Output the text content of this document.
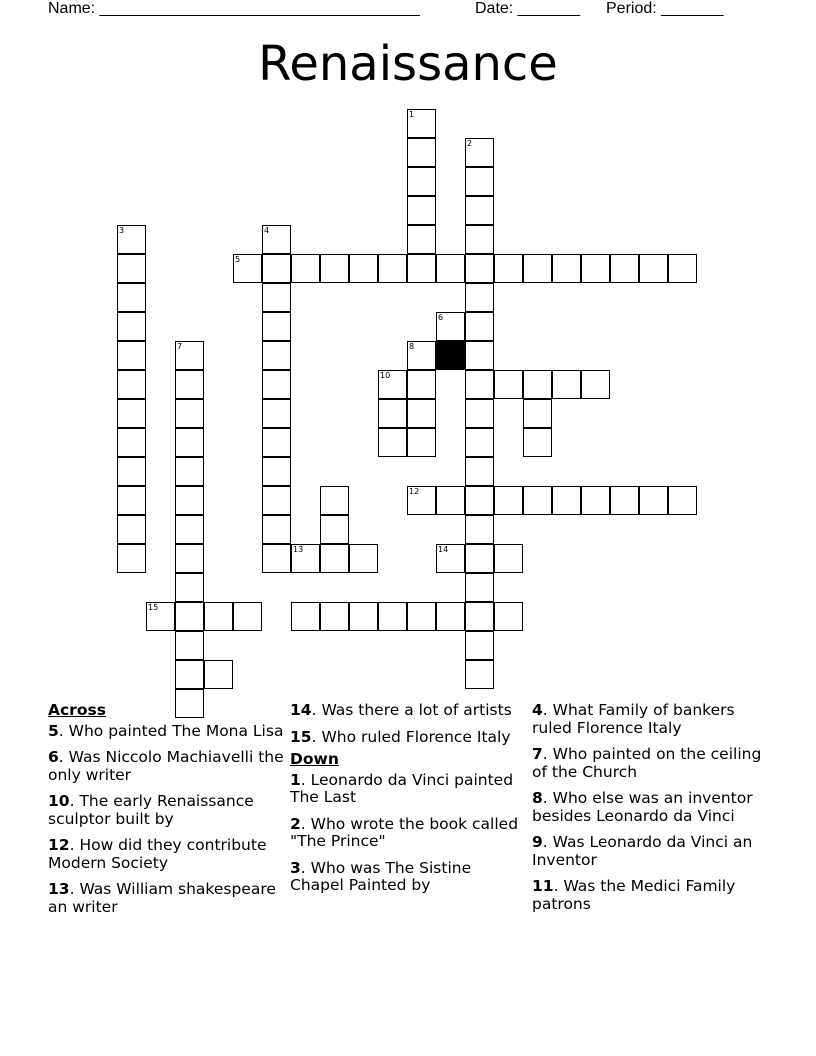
Name: ____________________________________	Date: _______ Period: _______
Renaissance
1
2
3	4
5
6
7	8
10
12
13	14
15
Across
5. Who painted The Mona Lisa
6. Was Niccolo Machiavelli the only writer
10. The early Renaissance sculptor built by
12. How did they contribute Modern Society
13. Was William shakespeare an writer
14. Was there a lot of artists
15. Who ruled Florence Italy
Down
1. Leonardo da Vinci painted The Last
2. Who wrote the book called "The Prince"
3. Who was The Sistine Chapel Painted by
4. What Family of bankers ruled Florence Italy
7. Who painted on the ceiling of the Church
8. Who else was an inventor besides Leonardo da Vinci
9. Was Leonardo da Vinci an Inventor
11. Was the Medici Family patrons
